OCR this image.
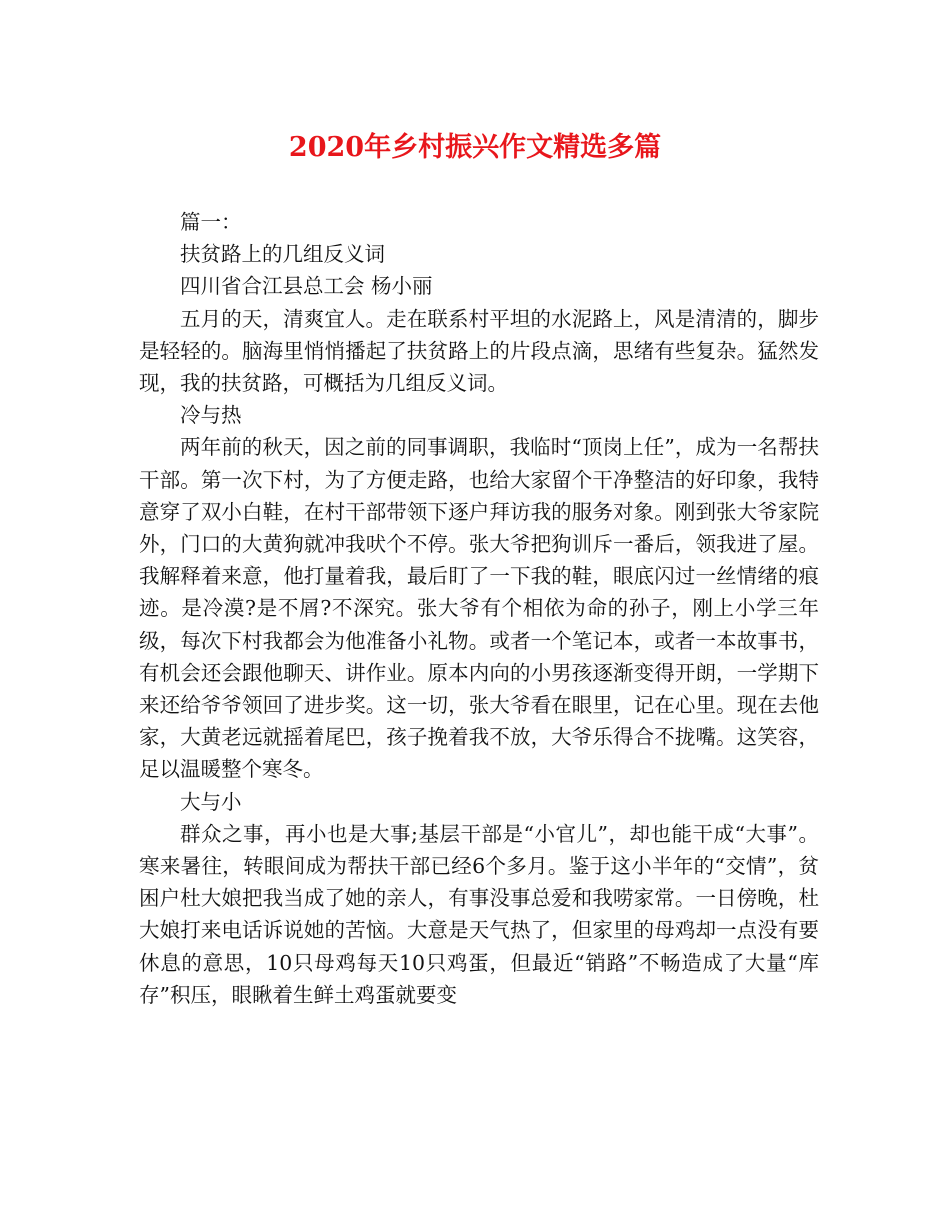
2020年乡村振兴作文精选多篇

篇一：

扶贫路上的几组反义词

四川省合江县总工会 杨小丽

五月的天，清爽宜人。走在联系村平坦的水泥路上，风是清清的，脚步是轻轻的。脑海里悄悄播起了扶贫路上的片段点滴，思绪有些复杂。猛然发现，我的扶贫路，可概括为几组反义词。

冷与热

两年前的秋天，因之前的同事调职，我临时“顶岗上任”，成为一名帮扶干部。第一次下村，为了方便走路，也给大家留个干净整洁的好印象，我特意穿了双小白鞋，在村干部带领下逐户拜访我的服务对象。刚到张大爷家院外，门口的大黄狗就冲我吠个不停。张大爷把狗训斥一番后，领我进了屋。我解释着来意，他打量着我，最后盯了一下我的鞋，眼底闪过一丝情绪的痕迹。是冷漠?是不屑?不深究。张大爷有个相依为命的孙子，刚上小学三年级，每次下村我都会为他准备小礼物。或者一个笔记本，或者一本故事书，有机会还会跟他聊天、讲作业。原本内向的小男孩逐渐变得开朗，一学期下来还给爷爷领回了进步奖。这一切，张大爷看在眼里，记在心里。现在去他家，大黄老远就摇着尾巴，孩子挽着我不放，大爷乐得合不拢嘴。这笑容，足以温暖整个寒冬。

大与小

群众之事，再小也是大事;基层干部是“小官儿”，却也能干成“大事”。寒来暑往，转眼间成为帮扶干部已经6个多月。鉴于这小半年的“交情”，贫困户杜大娘把我当成了她的亲人，有事没事总爱和我唠家常。一日傍晚，杜大娘打来电话诉说她的苦恼。大意是天气热了，但家里的母鸡却一点没有要休息的意思，10只母鸡每天10只鸡蛋，但最近“销路”不畅造成了大量“库存”积压，眼瞅着生鲜土鸡蛋就要变
